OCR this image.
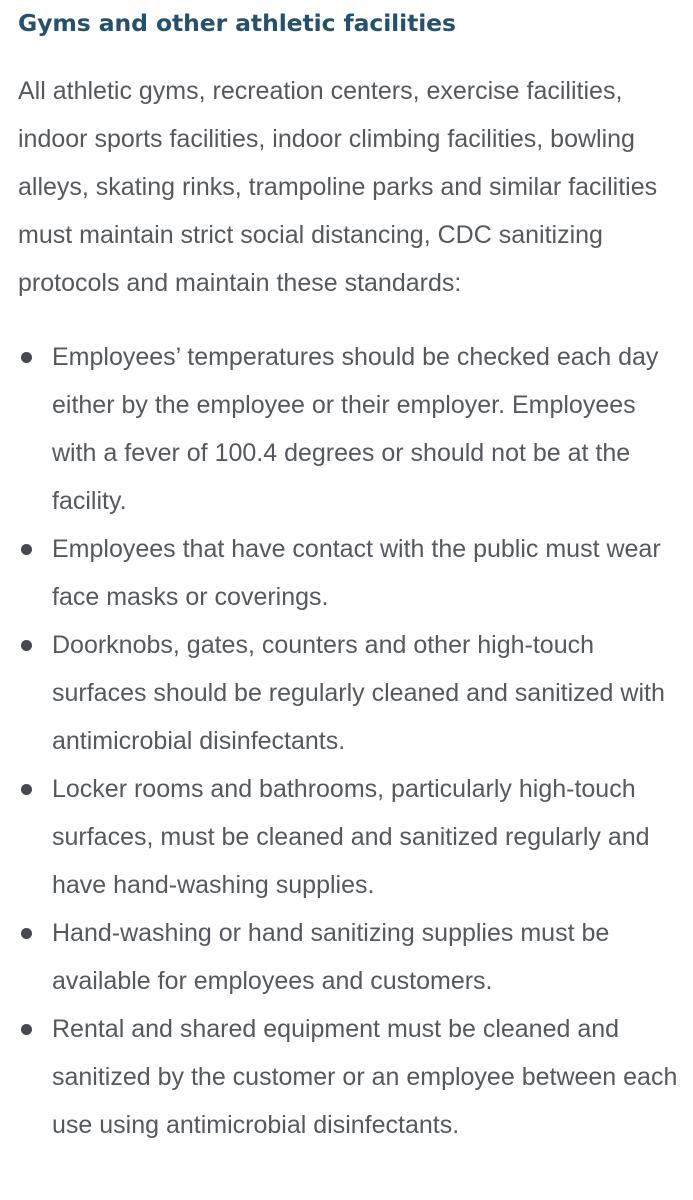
Gyms and other athletic facilities

All athletic gyms, recreation centers, exercise facilities, indoor sports facilities, indoor climbing facilities, bowling alleys, skating rinks, trampoline parks and similar facilities must maintain strict social distancing, CDC sanitizing protocols and maintain these standards:

Employees’ temperatures should be checked each day either by the employee or their employer. Employees with a fever of 100.4 degrees or should not be at the facility.
Employees that have contact with the public must wear face masks or coverings.
Doorknobs, gates, counters and other high-touch surfaces should be regularly cleaned and sanitized with antimicrobial disinfectants.
Locker rooms and bathrooms, particularly high-touch surfaces, must be cleaned and sanitized regularly and have hand-washing supplies.
Hand-washing or hand sanitizing supplies must be available for employees and customers.
Rental and shared equipment must be cleaned and sanitized by the customer or an employee between each use using antimicrobial disinfectants.
